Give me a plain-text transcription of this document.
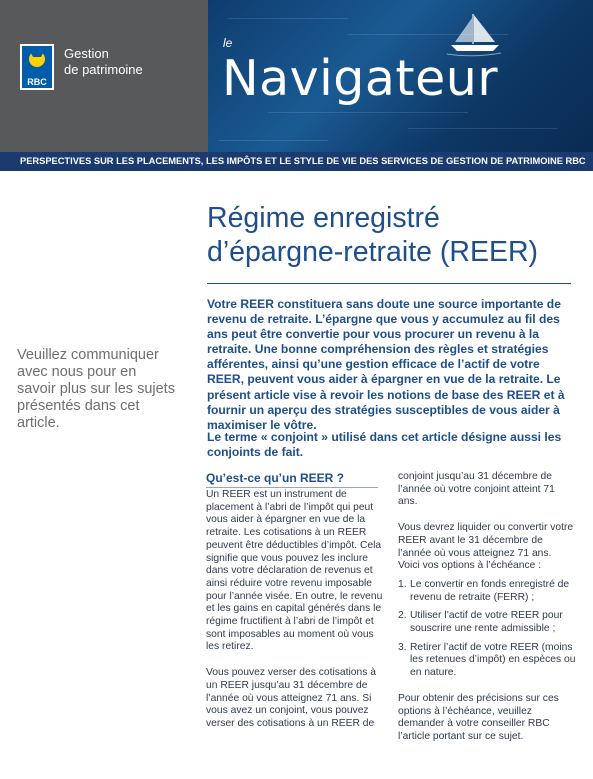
RBC
Gestion
de patrimoine
le
Navigateur
PERSPECTIVES SUR LES PLACEMENTS, LES IMPÔTS ET LE STYLE DE VIE DES SERVICES DE GESTION DE PATRIMOINE RBC
Régime enregistré
d’épargne-retraite (REER)
Veuillez communiquer avec nous pour en savoir plus sur les sujets présentés dans cet article.
Votre REER constituera sans doute une source importante de revenu de retraite. L’épargne que vous y accumulez au fil des ans peut être convertie pour vous procurer un revenu à la retraite. Une bonne compréhension des règles et stratégies afférentes, ainsi qu’une gestion efficace de l’actif de votre REER, peuvent vous aider à épargner en vue de la retraite. Le présent article vise à revoir les notions de base des REER et à fournir un aperçu des stratégies susceptibles de vous aider à maximiser le vôtre.
Le terme « conjoint » utilisé dans cet article désigne aussi les conjoints de fait.
Qu’est-ce qu’un REER ?
Un REER est un instrument de placement à l’abri de l’impôt qui peut vous aider à épargner en vue de la retraite. Les cotisations à un REER peuvent être déductibles d’impôt. Cela signifie que vous pouvez les inclure dans votre déclaration de revenus et ainsi réduire votre revenu imposable pour l’année visée. En outre, le revenu et les gains en capital générés dans le régime fructifient à l’abri de l’impôt et sont imposables au moment où vous les retirez.
Vous pouvez verser des cotisations à un REER jusqu’au 31 décembre de l’année où vous atteignez 71 ans. Si vous avez un conjoint, vous pouvez verser des cotisations à un REER de
conjoint jusqu’au 31 décembre de l’année où votre conjoint atteint 71 ans.
Vous devrez liquider ou convertir votre REER avant le 31 décembre de l’année où vous atteignez 71 ans. Voici vos options à l’échéance :
1. Le convertir en fonds enregistré de revenu de retraite (FERR) ;
2. Utiliser l’actif de votre REER pour souscrire une rente admissible ;
3. Retirer l’actif de votre REER (moins les retenues d’impôt) en espèces ou en nature.
Pour obtenir des précisions sur ces options à l’échéance, veuillez demander à votre conseiller RBC l’article portant sur ce sujet.
